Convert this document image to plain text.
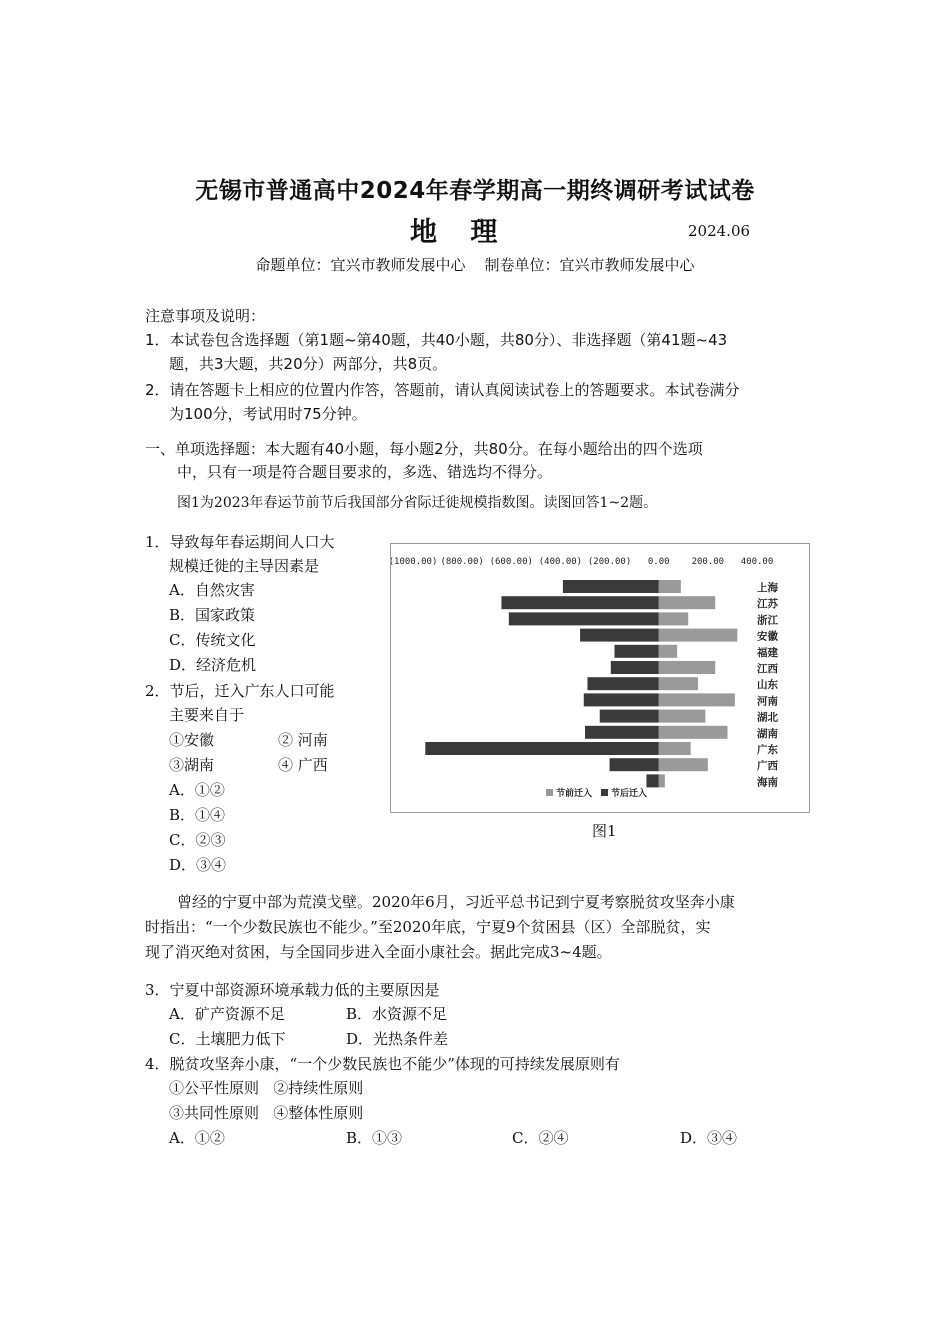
无锡市普通高中2024年春学期高一期终调研考试试卷
地 理	2024.06
命题单位：宜兴市教师发展中心    制卷单位：宜兴市教师发展中心
注意事项及说明：
1．本试卷包含选择题（第1题~第40题，共40小题，共80分）、非选择题（第41题~43
题，共3大题，共20分）两部分，共8页。
2．请在答题卡上相应的位置内作答，答题前，请认真阅读试卷上的答题要求。本试卷满分
为100分，考试用时75分钟。
一、单项选择题：本大题有40小题，每小题2分，共80分。在每小题给出的四个选项
中，只有一项是符合题目要求的，多选、错选均不得分。
图1为2023年春运节前节后我国部分省际迁徙规模指数图。读图回答1~2题。
1．导致每年春运期间人口大
规模迁徙的主导因素是
A．自然灾害
B．国家政策
C．传统文化
D．经济危机
2．节后，迁入广东人口可能
主要来自于
①安徽	② 河南
③湖南	④ 广西
A．①②
B．①④
C．②③
D．③④
(1000.00) (800.00) (600.00) (400.00) (200.00) 0.00 200.00 400.00
上海
江苏
浙江
安徽
福建
江西
山东
河南
湖北
湖南
广东
广西
海南
节前迁入 节后迁入
图1
曾经的宁夏中部为荒漠戈壁。2020年6月，习近平总书记到宁夏考察脱贫攻坚奔小康
时指出：“一个少数民族也不能少。”至2020年底，宁夏9个贫困县（区）全部脱贫，实
现了消灭绝对贫困，与全国同步进入全面小康社会。据此完成3~4题。
3．宁夏中部资源环境承载力低的主要原因是
A．矿产资源不足	B．水资源不足
C．土壤肥力低下	D．光热条件差
4．脱贫攻坚奔小康，“一个少数民族也不能少”体现的可持续发展原则有
①公平性原则   ②持续性原则
③共同性原则   ④整体性原则
A．①②	B．①③	C．②④	D．③④
